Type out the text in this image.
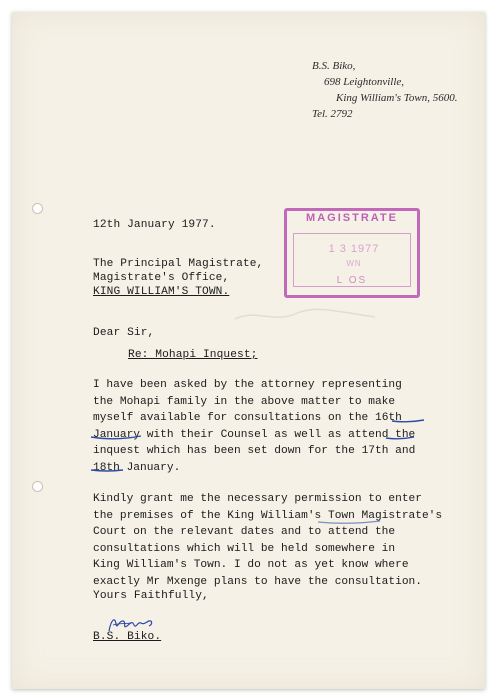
B.S. Biko,
698 Leightonville,
King William's Town, 5600.
Tel. 2792
12th January 1977.
MAGISTRATE
1 3 1977
WN
L OS
The Principal Magistrate,
Magistrate's Office,
KING WILLIAM'S TOWN.
Dear Sir,
Re: Mohapi Inquest;
I have been asked by the attorney representing
the Mohapi family in the above matter to make
myself available for consultations on the 16th
January with their Counsel as well as attend the
inquest which has been set down for the 17th and
18th January.
Kindly grant me the necessary permission to enter
the premises of the King William's Town Magistrate's
Court on the relevant dates and to attend the
consultations which will be held somewhere in
King William's Town. I do not as yet know where
exactly Mr Mxenge plans to have the consultation.
Yours Faithfully,
B.S. Biko.
